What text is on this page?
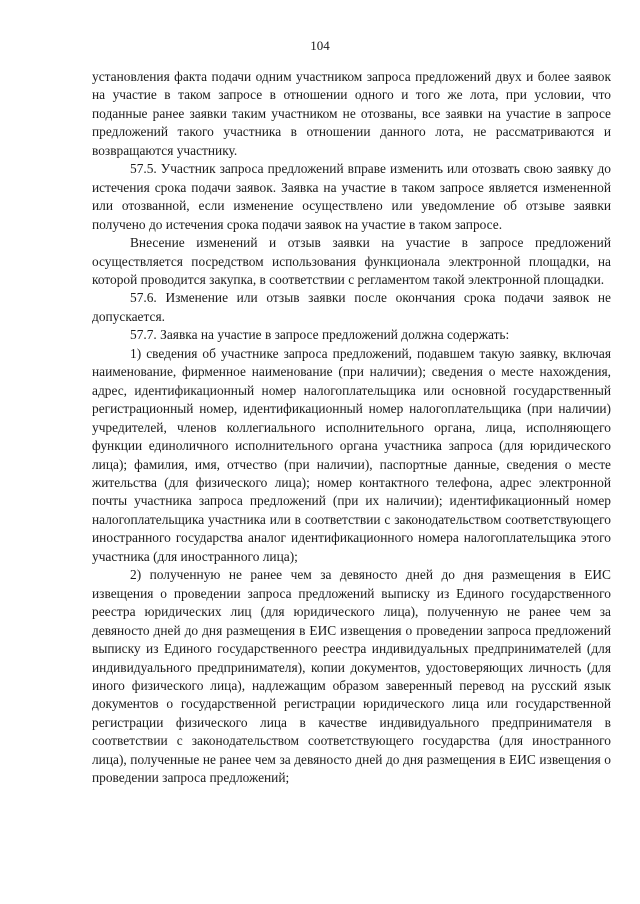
104

установления факта подачи одним участником запроса предложений двух и более заявок на участие в таком запросе в отношении одного и того же лота, при условии, что поданные ранее заявки таким участником не отозваны, все заявки на участие в запросе предложений такого участника в отношении данного лота, не рассматриваются и возвращаются участнику.

57.5. Участник запроса предложений вправе изменить или отозвать свою заявку до истечения срока подачи заявок. Заявка на участие в таком запросе является измененной или отозванной, если изменение осуществлено или уведомление об отзыве заявки получено до истечения срока подачи заявок на участие в таком запросе.

Внесение изменений и отзыв заявки на участие в запросе предложений осуществляется посредством использования функционала электронной площадки, на которой проводится закупка, в соответствии с регламентом такой электронной площадки.

57.6. Изменение или отзыв заявки после окончания срока подачи заявок не допускается.

57.7. Заявка на участие в запросе предложений должна содержать:

1) сведения об участнике запроса предложений, подавшем такую заявку, включая наименование, фирменное наименование (при наличии); сведения о месте нахождения, адрес, идентификационный номер налогоплательщика или основной государственный регистрационный номер, идентификационный номер налогоплательщика (при наличии) учредителей, членов коллегиального исполнительного органа, лица, исполняющего функции единоличного исполнительного органа участника запроса (для юридического лица); фамилия, имя, отчество (при наличии), паспортные данные, сведения о месте жительства (для физического лица); номер контактного телефона, адрес электронной почты участника запроса предложений (при их наличии); идентификационный номер налогоплательщика участника или в соответствии с законодательством соответствующего иностранного государства аналог идентификационного номера налогоплательщика этого участника (для иностранного лица);

2) полученную не ранее чем за девяносто дней до дня размещения в ЕИС извещения о проведении запроса предложений выписку из Единого государственного реестра юридических лиц (для юридического лица), полученную не ранее чем за девяносто дней до дня размещения в ЕИС извещения о проведении запроса предложений выписку из Единого государственного реестра индивидуальных предпринимателей (для индивидуального предпринимателя), копии документов, удостоверяющих личность (для иного физического лица), надлежащим образом заверенный перевод на русский язык документов о государственной регистрации юридического лица или государственной регистрации физического лица в качестве индивидуального предпринимателя в соответствии с законодательством соответствующего государства (для иностранного лица), полученные не ранее чем за девяносто дней до дня размещения в ЕИС извещения о проведении запроса предложений;
